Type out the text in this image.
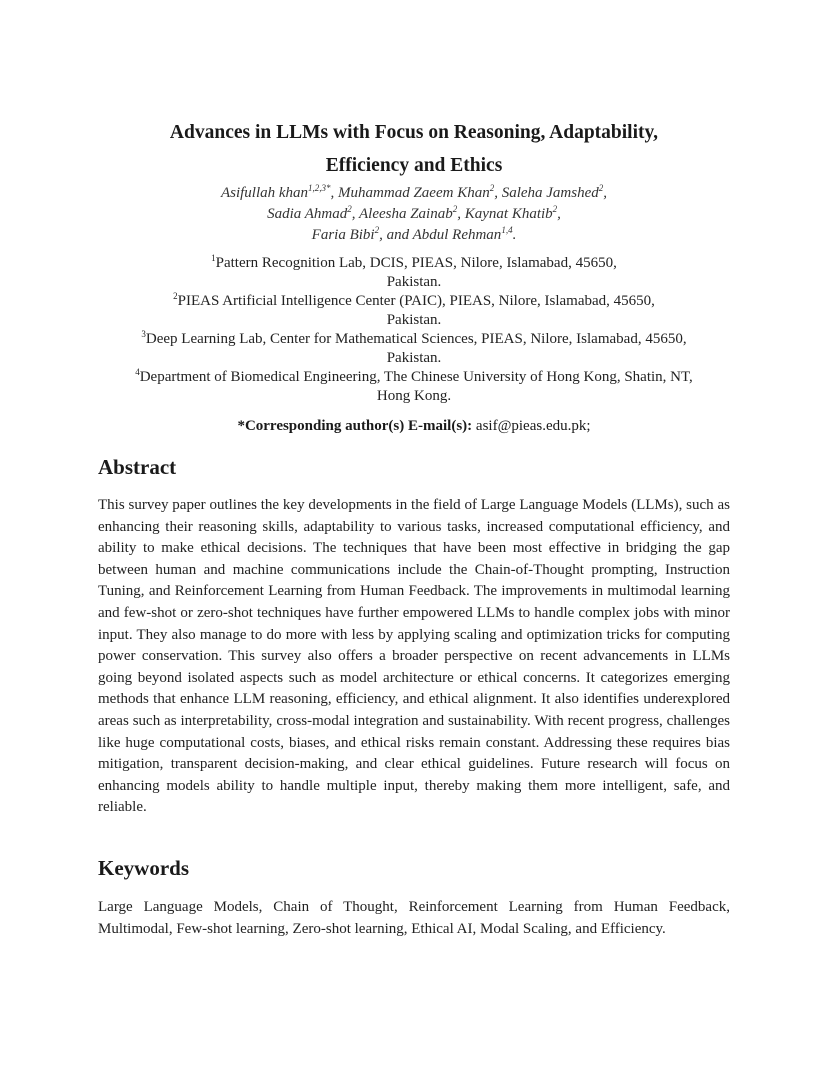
Advances in LLMs with Focus on Reasoning, Adaptability,
Efficiency and Ethics
Asifullah khan$^{1,2,3*}$, Muhammad Zaeem Khan$^2$, Saleha Jamshed$^2$,
Sadia Ahmad$^2$, Aleesha Zainab$^2$, Kaynat Khatib$^2$,
Faria Bibi$^2$, and Abdul Rehman$^{1,4}$.
$^1$Pattern Recognition Lab, DCIS, PIEAS, Nilore, Islamabad, 45650,
Pakistan.
$^2$PIEAS Artificial Intelligence Center (PAIC), PIEAS, Nilore, Islamabad, 45650,
Pakistan.
$^3$Deep Learning Lab, Center for Mathematical Sciences, PIEAS, Nilore, Islamabad, 45650,
Pakistan.
$^4$Department of Biomedical Engineering, The Chinese University of Hong Kong, Shatin, NT,
Hong Kong.
*Corresponding author(s) E-mail(s): asif@pieas.edu.pk;
Abstract
This survey paper outlines the key developments in the field of Large Language Models (LLMs), such as enhancing their reasoning skills, adaptability to various tasks, increased computational efficiency, and ability to make ethical decisions. The techniques that have been most effective in bridging the gap between human and machine communications include the Chain-of-Thought prompting, Instruction Tuning, and Reinforcement Learning from Human Feedback. The improvements in multimodal learning and few-shot or zero-shot techniques have further empowered LLMs to handle complex jobs with minor input. They also manage to do more with less by applying scaling and optimization tricks for computing power conservation. This survey also offers a broader perspective on recent advancements in LLMs going beyond isolated aspects such as model architecture or ethical concerns. It categorizes emerging methods that enhance LLM reasoning, efficiency, and ethical alignment. It also identifies underexplored areas such as interpretability, cross-modal integration and sustainability. With recent progress, challenges like huge computational costs, biases, and ethical risks remain constant. Addressing these requires bias mitigation, transparent decision-making, and clear ethical guidelines. Future research will focus on enhancing models ability to handle multiple input, thereby making them more intelligent, safe, and reliable.
Keywords
Large Language Models, Chain of Thought, Reinforcement Learning from Human Feedback, Multimodal, Few-shot learning, Zero-shot learning, Ethical AI, Modal Scaling, and Efficiency.
